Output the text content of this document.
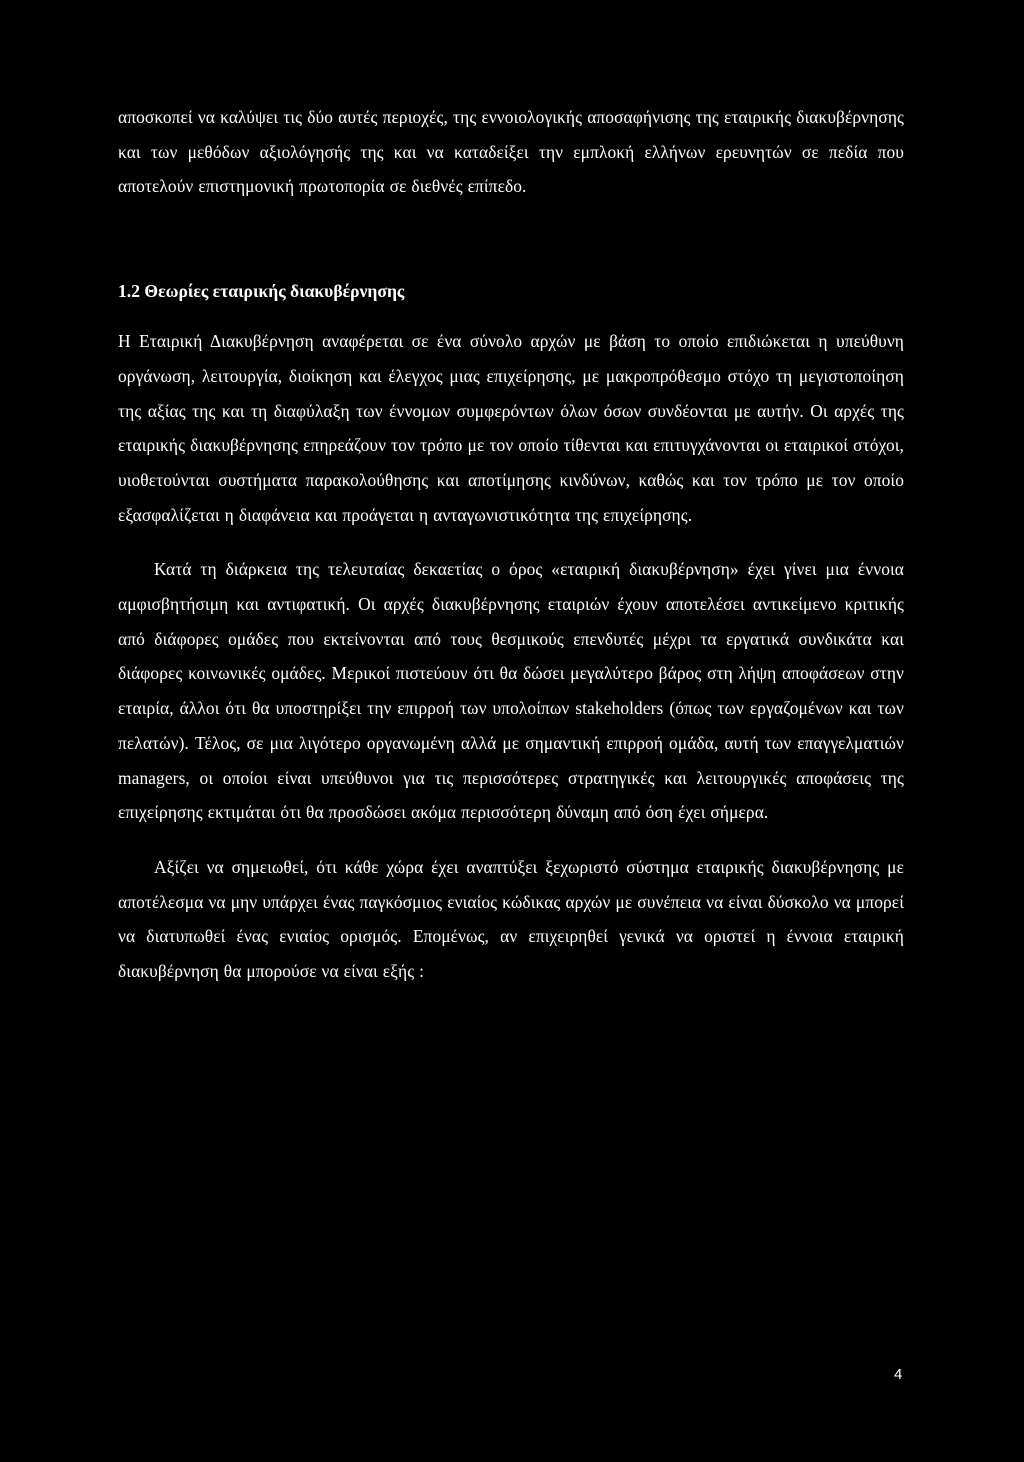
αποσκοπεί να καλύψει τις δύο αυτές περιοχές, της εννοιολογικής αποσαφήνισης της εταιρικής διακυβέρνησης και των μεθόδων αξιολόγησής της και να καταδείξει την εμπλοκή ελλήνων ερευνητών σε πεδία που αποτελούν επιστημονική πρωτοπορία σε διεθνές επίπεδο.

1.2 Θεωρίες εταιρικής διακυβέρνησης

Η Εταιρική Διακυβέρνηση αναφέρεται σε ένα σύνολο αρχών με βάση το οποίο επιδιώκεται η υπεύθυνη οργάνωση, λειτουργία, διοίκηση και έλεγχος μιας επιχείρησης, με μακροπρόθεσμο στόχο τη μεγιστοποίηση της αξίας της και τη διαφύλαξη των έννομων συμφερόντων όλων όσων συνδέονται με αυτήν. Οι αρχές της εταιρικής διακυβέρνησης επηρεάζουν τον τρόπο με τον οποίο τίθενται και επιτυγχάνονται οι εταιρικοί στόχοι, υιοθετούνται συστήματα παρακολούθησης και αποτίμησης κινδύνων, καθώς και τον τρόπο με τον οποίο εξασφαλίζεται η διαφάνεια και προάγεται η ανταγωνιστικότητα της επιχείρησης.

Κατά τη διάρκεια της τελευταίας δεκαετίας ο όρος «εταιρική διακυβέρνηση» έχει γίνει μια έννοια αμφισβητήσιμη και αντιφατική. Οι αρχές διακυβέρνησης εταιριών έχουν αποτελέσει αντικείμενο κριτικής από διάφορες ομάδες που εκτείνονται από τους θεσμικούς επενδυτές μέχρι τα εργατικά συνδικάτα και διάφορες κοινωνικές ομάδες. Μερικοί πιστεύουν ότι θα δώσει μεγαλύτερο βάρος στη λήψη αποφάσεων στην εταιρία, άλλοι ότι θα υποστηρίξει την επιρροή των υπολοίπων stakeholders (όπως των εργαζομένων και των πελατών). Τέλος, σε μια λιγότερο οργανωμένη αλλά με σημαντική επιρροή ομάδα, αυτή των επαγγελματιών managers, οι οποίοι είναι υπεύθυνοι για τις περισσότερες στρατηγικές και λειτουργικές αποφάσεις της επιχείρησης εκτιμάται ότι θα προσδώσει ακόμα περισσότερη δύναμη από όση έχει σήμερα.

Αξίζει να σημειωθεί, ότι κάθε χώρα έχει αναπτύξει ξεχωριστό σύστημα εταιρικής διακυβέρνησης με αποτέλεσμα να μην υπάρχει ένας παγκόσμιος ενιαίος κώδικας αρχών με συνέπεια να είναι δύσκολο να μπορεί να διατυπωθεί ένας ενιαίος ορισμός. Επομένως, αν επιχειρηθεί γενικά να οριστεί η έννοια εταιρική διακυβέρνηση θα μπορούσε να είναι εξής :

4
